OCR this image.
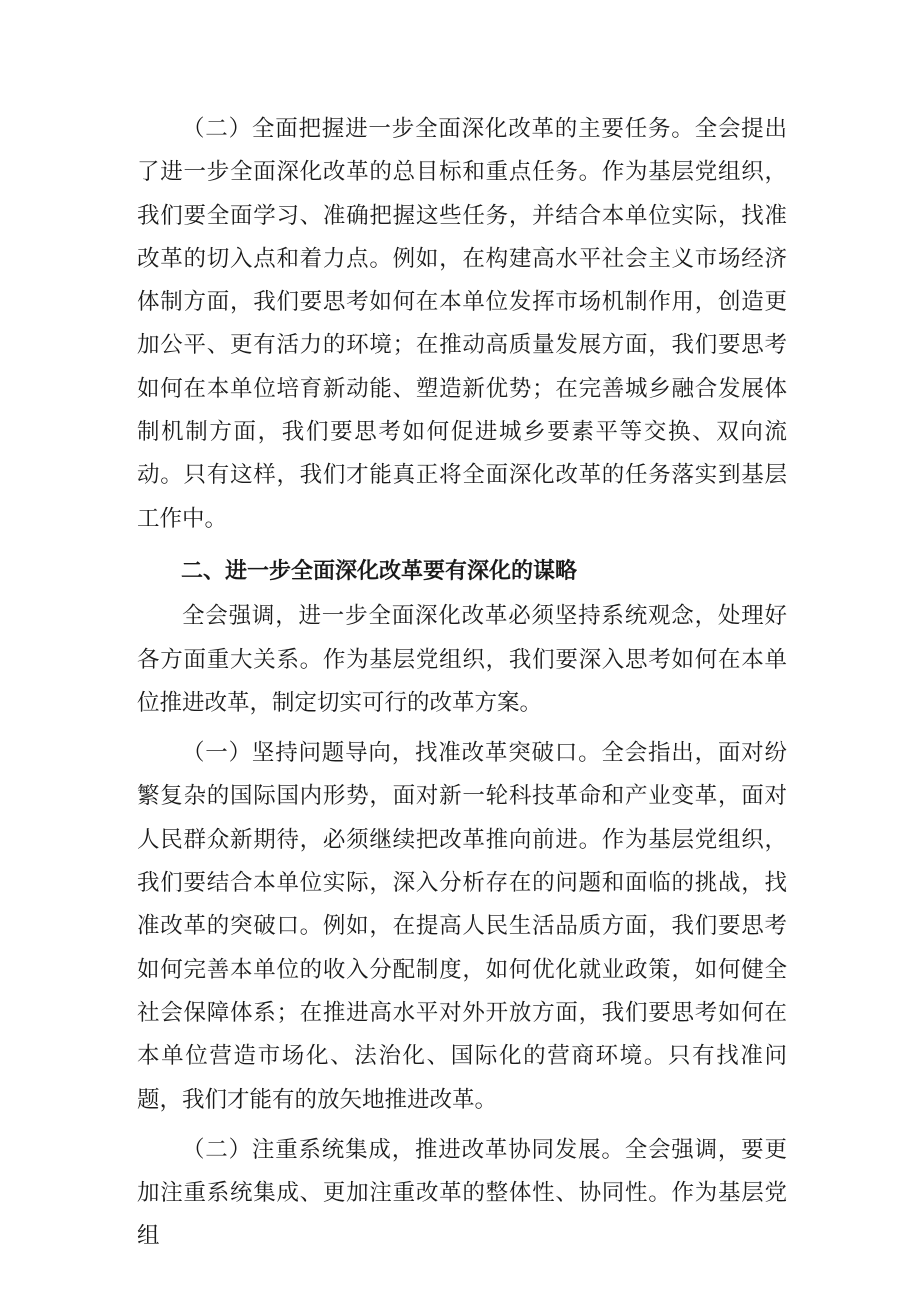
（二）全面把握进一步全面深化改革的主要任务。全会提出了进一步全面深化改革的总目标和重点任务。作为基层党组织，我们要全面学习、准确把握这些任务，并结合本单位实际，找准改革的切入点和着力点。例如，在构建高水平社会主义市场经济体制方面，我们要思考如何在本单位发挥市场机制作用，创造更加公平、更有活力的环境；在推动高质量发展方面，我们要思考如何在本单位培育新动能、塑造新优势；在完善城乡融合发展体制机制方面，我们要思考如何促进城乡要素平等交换、双向流动。只有这样，我们才能真正将全面深化改革的任务落实到基层工作中。

二、进一步全面深化改革要有深化的谋略

全会强调，进一步全面深化改革必须坚持系统观念，处理好各方面重大关系。作为基层党组织，我们要深入思考如何在本单位推进改革，制定切实可行的改革方案。

（一）坚持问题导向，找准改革突破口。全会指出，面对纷繁复杂的国际国内形势，面对新一轮科技革命和产业变革，面对人民群众新期待，必须继续把改革推向前进。作为基层党组织，我们要结合本单位实际，深入分析存在的问题和面临的挑战，找准改革的突破口。例如，在提高人民生活品质方面，我们要思考如何完善本单位的收入分配制度，如何优化就业政策，如何健全社会保障体系；在推进高水平对外开放方面，我们要思考如何在本单位营造市场化、法治化、国际化的营商环境。只有找准问题，我们才能有的放矢地推进改革。

（二）注重系统集成，推进改革协同发展。全会强调，要更加注重系统集成、更加注重改革的整体性、协同性。作为基层党组
